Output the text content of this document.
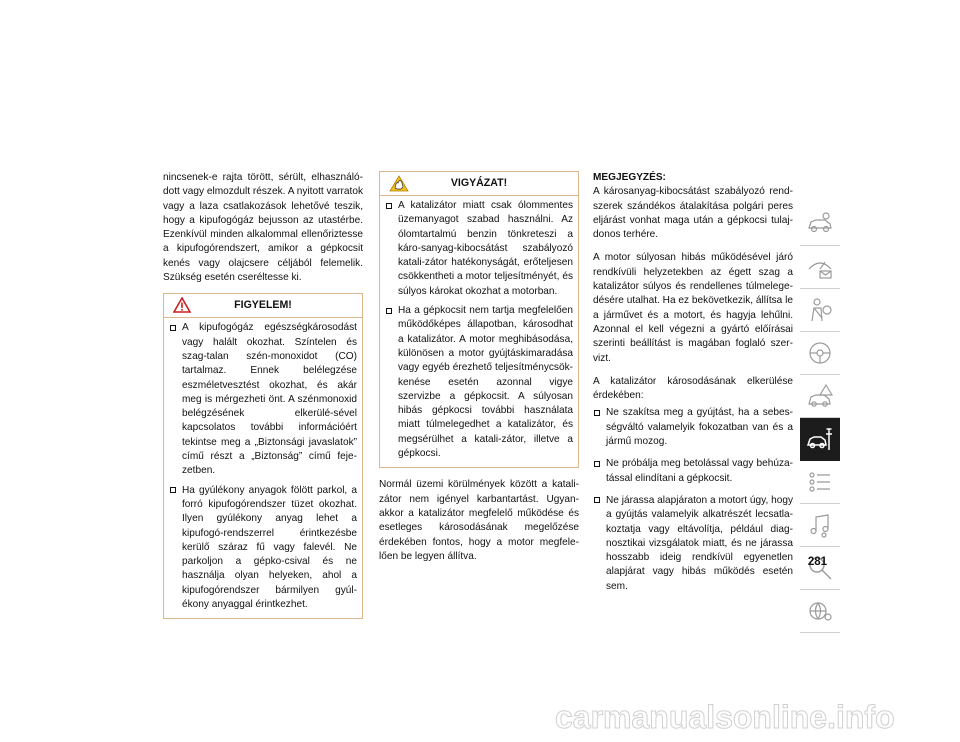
nincsenek-e rajta törött, sérült, elhasználó-dott vagy elmozdult részek. A nyitott varratok vagy a laza csatlakozások lehetővé teszik, hogy a kipufogógáz bejusson az utastérbe. Ezenkívül minden alkalommal ellenőriztesse a kipufogórendszert, amikor a gépkocsit kenés vagy olajcsere céljából felemelik. Szükség esetén cseréltesse ki.

FIGYELEM!
A kipufogógáz egészségkárosodást vagy halált okozhat. Színtelen és szag-talan szén-monoxidot (CO) tartalmaz. Ennek belélegzése eszméletvesztést okozhat, és akár meg is mérgezheti önt. A szénmonoxid belégzésének elkerülé-sével kapcsolatos további információért tekintse meg a „Biztonsági javaslatok” című részt a „Biztonság” című feje-zetben.
Ha gyúlékony anyagok fölött parkol, a forró kipufogórendszer tüzet okozhat. Ilyen gyúlékony anyag lehet a kipufogó-rendszerrel érintkezésbe kerülő száraz fű vagy falevél. Ne parkoljon a gépko-csival és ne használja olyan helyeken, ahol a kipufogórendszer bármilyen gyúl-ékony anyaggal érintkezhet.
VIGYÁZAT!
A katalizátor miatt csak ólommentes üzemanyagot szabad használni. Az ólomtartalmú benzin tönkreteszi a káro-sanyag-kibocsátást szabályozó katali-zátor hatékonyságát, erőteljesen csökkentheti a motor teljesítményét, és súlyos károkat okozhat a motorban.
Ha a gépkocsit nem tartja megfelelően működőképes állapotban, károsodhat a katalizátor. A motor meghibásodása, különösen a motor gyújtáskimaradása vagy egyéb érezhető teljesítménycsök-kenése esetén azonnal vigye szervizbe a gépkocsit. A súlyosan hibás gépkocsi további használata miatt túlmelegedhet a katalizátor, és megsérülhet a katali-zátor, illetve a gépkocsi.

Normál üzemi körülmények között a katali-zátor nem igényel karbantartást. Ugyan-akkor a katalizátor megfelelő működése és esetleges károsodásának megelőzése érdekében fontos, hogy a motor megfele-lően be legyen állítva.

MEGJEGYZÉS:

A károsanyag-kibocsátást szabályozó rend-szerek szándékos átalakítása polgári peres eljárást vonhat maga után a gépkocsi tulaj-donos terhére.

A motor súlyosan hibás működésével járó rendkívüli helyzetekben az égett szag a katalizátor súlyos és rendellenes túlmelege-désére utalhat. Ha ez bekövetkezik, állítsa le a járművet és a motort, és hagyja lehűlni. Azonnal el kell végezni a gyártó előírásai szerinti beállítást is magában foglaló szer-vizt.

A katalizátor károsodásának elkerülése érdekében:

Ne szakítsa meg a gyújtást, ha a sebes-ségváltó valamelyik fokozatban van és a jármű mozog.
Ne próbálja meg betolással vagy behúza-tással elindítani a gépkocsit.
Ne járassa alapjáraton a motort úgy, hogy a gyújtás valamelyik alkatrészét lecsatla-koztatja vagy eltávolítja, például diag-nosztikai vizsgálatok miatt, és ne járassa hosszabb ideig rendkívül egyenetlen alapjárat vagy hibás működés esetén sem.
281
carmanualsonline.info
